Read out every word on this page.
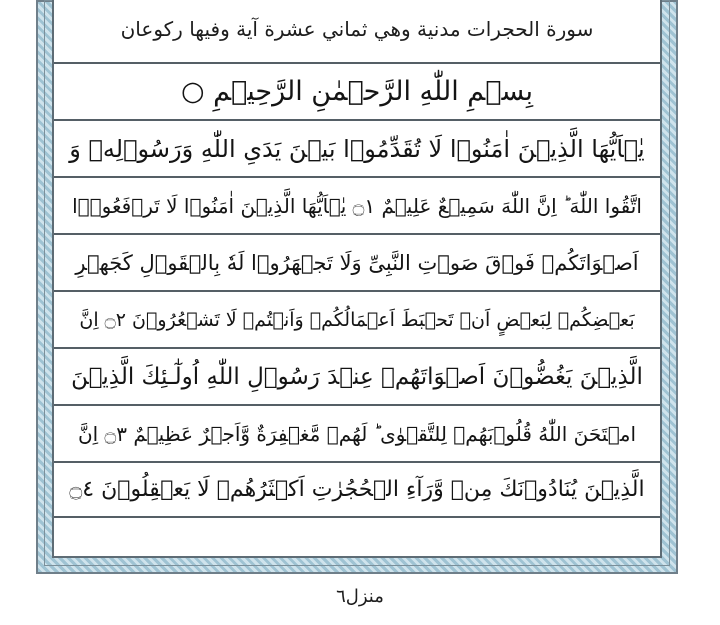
سورة الحجرات مدنية وهي ثماني عشرة آية وفيها ركوعان
بِسۡمِ اللّٰهِ الرَّحۡمٰنِ الرَّحِيۡمِ ○
يٰۤاَيُّهَا الَّذِيۡنَ اٰمَنُوۡا لَا تُقَدِّمُوۡا بَيۡنَ يَدَىِ اللّٰهِ وَرَسُوۡلِهٖ وَ
اتَّقُوا اللّٰهَ ؕ اِنَّ اللّٰهَ سَمِيۡعٌ عَلِيۡمٌ ۝١ يٰۤاَيُّهَا الَّذِيۡنَ اٰمَنُوۡا لَا تَرۡفَعُوۡۤا
اَصۡوَاتَكُمۡ فَوۡقَ صَوۡتِ النَّبِىِّ وَلَا تَجۡهَرُوۡا لَهٗ بِالۡقَوۡلِ كَجَهۡرِ
بَعۡضِكُمۡ لِبَعۡضٍ اَنۡ تَحۡبَطَ اَعۡمَالُكُمۡ وَاَنۡتُمۡ لَا تَشۡعُرُوۡنَ ۝٢ اِنَّ
الَّذِيۡنَ يَغُضُّوۡنَ اَصۡوَاتَهُمۡ عِنۡدَ رَسُوۡلِ اللّٰهِ اُولٰٓـئِكَ الَّذِيۡنَ
امۡتَحَنَ اللّٰهُ قُلُوۡبَهُمۡ لِلتَّقۡوٰى ؕ لَهُمۡ مَّغۡفِرَةٌ وَّاَجۡرٌ عَظِيۡمٌ ۝٣ اِنَّ
الَّذِيۡنَ يُنَادُوۡنَكَ مِنۡ وَّرَآءِ الۡحُجُرٰتِ اَكۡثَرُهُمۡ لَا يَعۡقِلُوۡنَ ۝٤
منزل٦
